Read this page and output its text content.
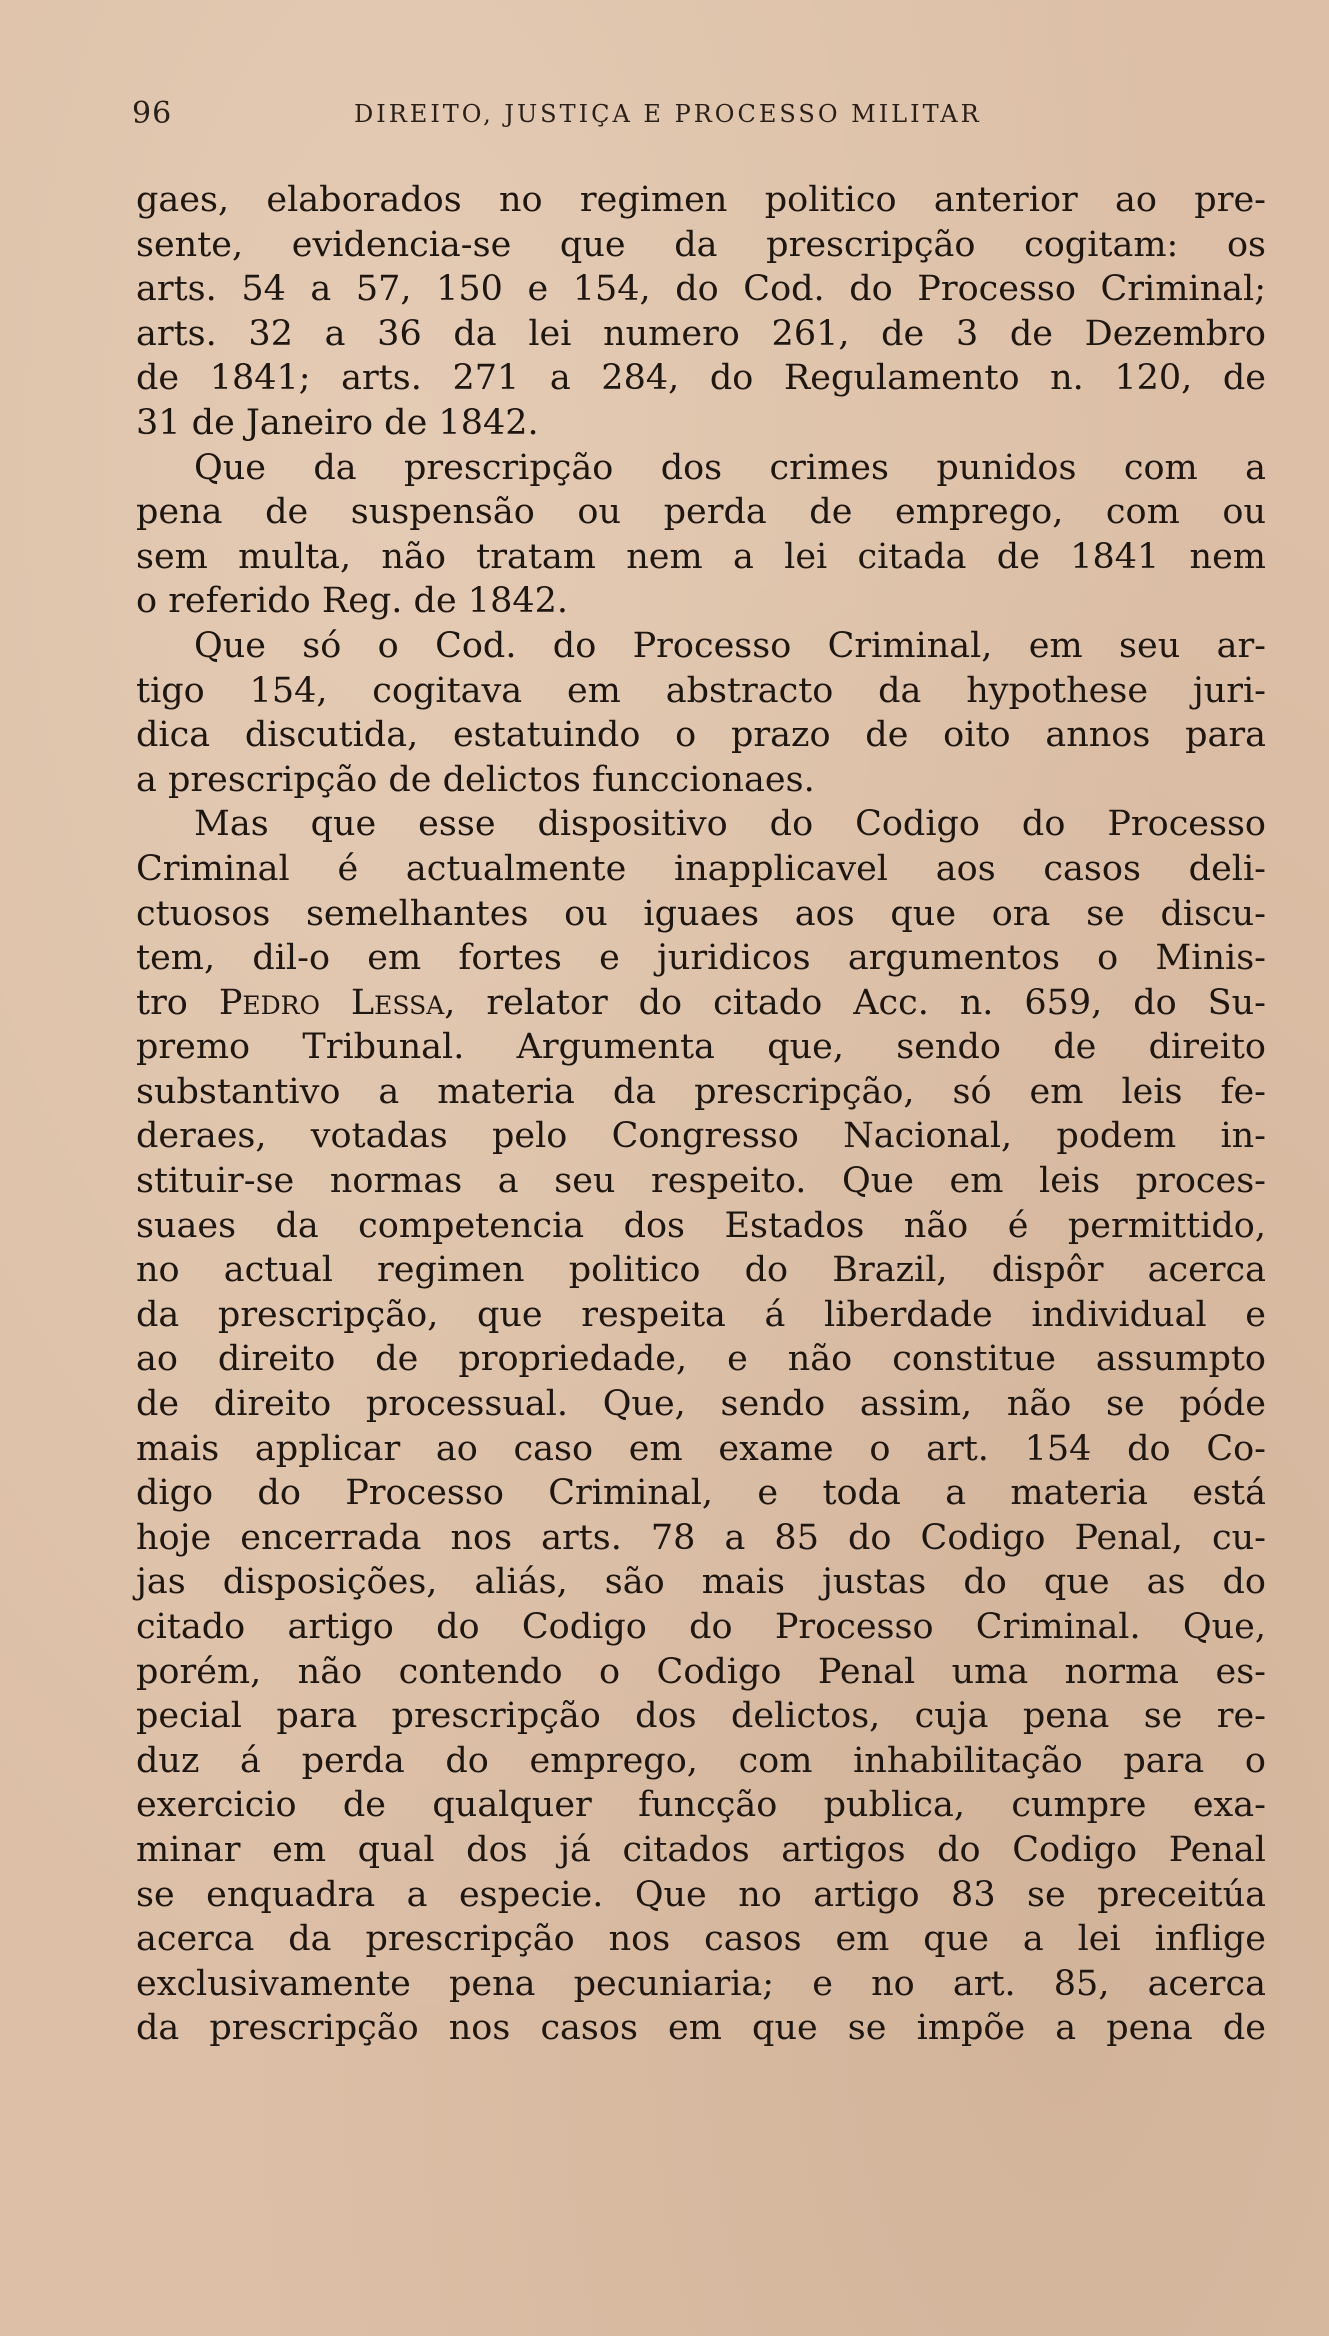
96	DIREITO, JUSTIÇA E PROCESSO MILITAR
gaes, elaborados no regimen politico anterior ao pre-
sente, evidencia-se que da prescripção cogitam: os
arts. 54 a 57, 150 e 154, do Cod. do Processo Criminal;
arts. 32 a 36 da lei numero 261, de 3 de Dezembro
de 1841; arts. 271 a 284, do Regulamento n. 120, de
31 de Janeiro de 1842.
Que da prescripção dos crimes punidos com a
pena de suspensão ou perda de emprego, com ou
sem multa, não tratam nem a lei citada de 1841 nem
o referido Reg. de 1842.
Que só o Cod. do Processo Criminal, em seu ar-
tigo 154, cogitava em abstracto da hypothese juri-
dica discutida, estatuindo o prazo de oito annos para
a prescripção de delictos funccionaes.
Mas que esse dispositivo do Codigo do Processo
Criminal é actualmente inapplicavel aos casos deli-
ctuosos semelhantes ou iguaes aos que ora se discu-
tem, dil-o em fortes e juridicos argumentos o Minis-
tro Pedro Lessa, relator do citado Acc. n. 659, do Su-
premo Tribunal. Argumenta que, sendo de direito
substantivo a materia da prescripção, só em leis fe-
deraes, votadas pelo Congresso Nacional, podem in-
stituir-se normas a seu respeito. Que em leis proces-
suaes da competencia dos Estados não é permittido,
no actual regimen politico do Brazil, dispôr acerca
da prescripção, que respeita á liberdade individual e
ao direito de propriedade, e não constitue assumpto
de direito processual. Que, sendo assim, não se póde
mais applicar ao caso em exame o art. 154 do Co-
digo do Processo Criminal, e toda a materia está
hoje encerrada nos arts. 78 a 85 do Codigo Penal, cu-
jas disposições, aliás, são mais justas do que as do
citado artigo do Codigo do Processo Criminal. Que,
porém, não contendo o Codigo Penal uma norma es-
pecial para prescripção dos delictos, cuja pena se re-
duz á perda do emprego, com inhabilitação para o
exercicio de qualquer funcção publica, cumpre exa-
minar em qual dos já citados artigos do Codigo Penal
se enquadra a especie. Que no artigo 83 se preceitúa
acerca da prescripção nos casos em que a lei inflige
exclusivamente pena pecuniaria; e no art. 85, acerca
da prescripção nos casos em que se impõe a pena de
